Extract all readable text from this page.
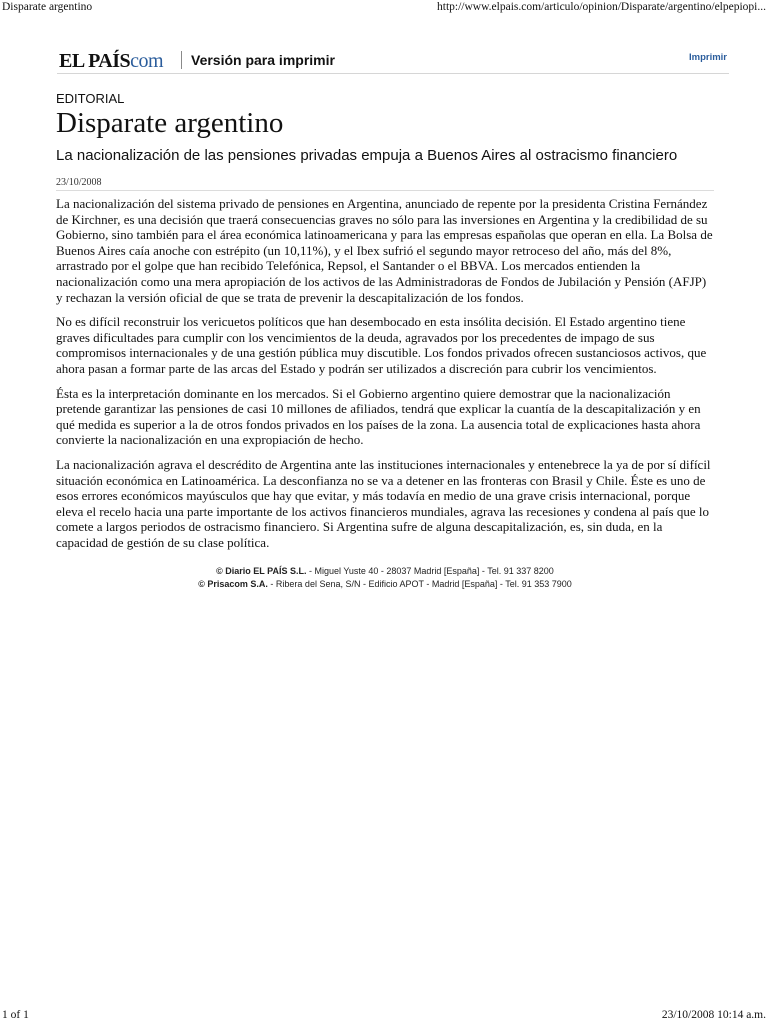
Disparate argentino	http://www.elpais.com/articulo/opinion/Disparate/argentino/elpepiopi...
EL PAÍScom Versión para imprimir	Imprimir

EDITORIAL

Disparate argentino

La nacionalización de las pensiones privadas empuja a Buenos Aires al ostracismo financiero

23/10/2008

La nacionalización del sistema privado de pensiones en Argentina, anunciado de repente por la presidenta Cristina Fernández de Kirchner, es una decisión que traerá consecuencias graves no sólo para las inversiones en Argentina y la credibilidad de su Gobierno, sino también para el área económica latinoamericana y para las empresas españolas que operan en ella. La Bolsa de Buenos Aires caía anoche con estrépito (un 10,11%), y el Ibex sufrió el segundo mayor retroceso del año, más del 8%, arrastrado por el golpe que han recibido Telefónica, Repsol, el Santander o el BBVA. Los mercados entienden la nacionalización como una mera apropiación de los activos de las Administradoras de Fondos de Jubilación y Pensión (AFJP) y rechazan la versión oficial de que se trata de prevenir la descapitalización de los fondos.

No es difícil reconstruir los vericuetos políticos que han desembocado en esta insólita decisión. El Estado argentino tiene graves dificultades para cumplir con los vencimientos de la deuda, agravados por los precedentes de impago de sus compromisos internacionales y de una gestión pública muy discutible. Los fondos privados ofrecen sustanciosos activos, que ahora pasan a formar parte de las arcas del Estado y podrán ser utilizados a discreción para cubrir los vencimientos.

Ésta es la interpretación dominante en los mercados. Si el Gobierno argentino quiere demostrar que la nacionalización pretende garantizar las pensiones de casi 10 millones de afiliados, tendrá que explicar la cuantía de la descapitalización y en qué medida es superior a la de otros fondos privados en los países de la zona. La ausencia total de explicaciones hasta ahora convierte la nacionalización en una expropiación de hecho.

La nacionalización agrava el descrédito de Argentina ante las instituciones internacionales y entenebrece la ya de por sí difícil situación económica en Latinoamérica. La desconfianza no se va a detener en las fronteras con Brasil y Chile. Éste es uno de esos errores económicos mayúsculos que hay que evitar, y más todavía en medio de una grave crisis internacional, porque eleva el recelo hacia una parte importante de los activos financieros mundiales, agrava las recesiones y condena al país que lo comete a largos periodos de ostracismo financiero. Si Argentina sufre de alguna descapitalización, es, sin duda, en la capacidad de gestión de su clase política.

© Diario EL PAÍS S.L. - Miguel Yuste 40 - 28037 Madrid [España] - Tel. 91 337 8200
© Prisacom S.A. - Ribera del Sena, S/N - Edificio APOT - Madrid [España] - Tel. 91 353 7900
1 of 1	23/10/2008 10:14 a.m.
